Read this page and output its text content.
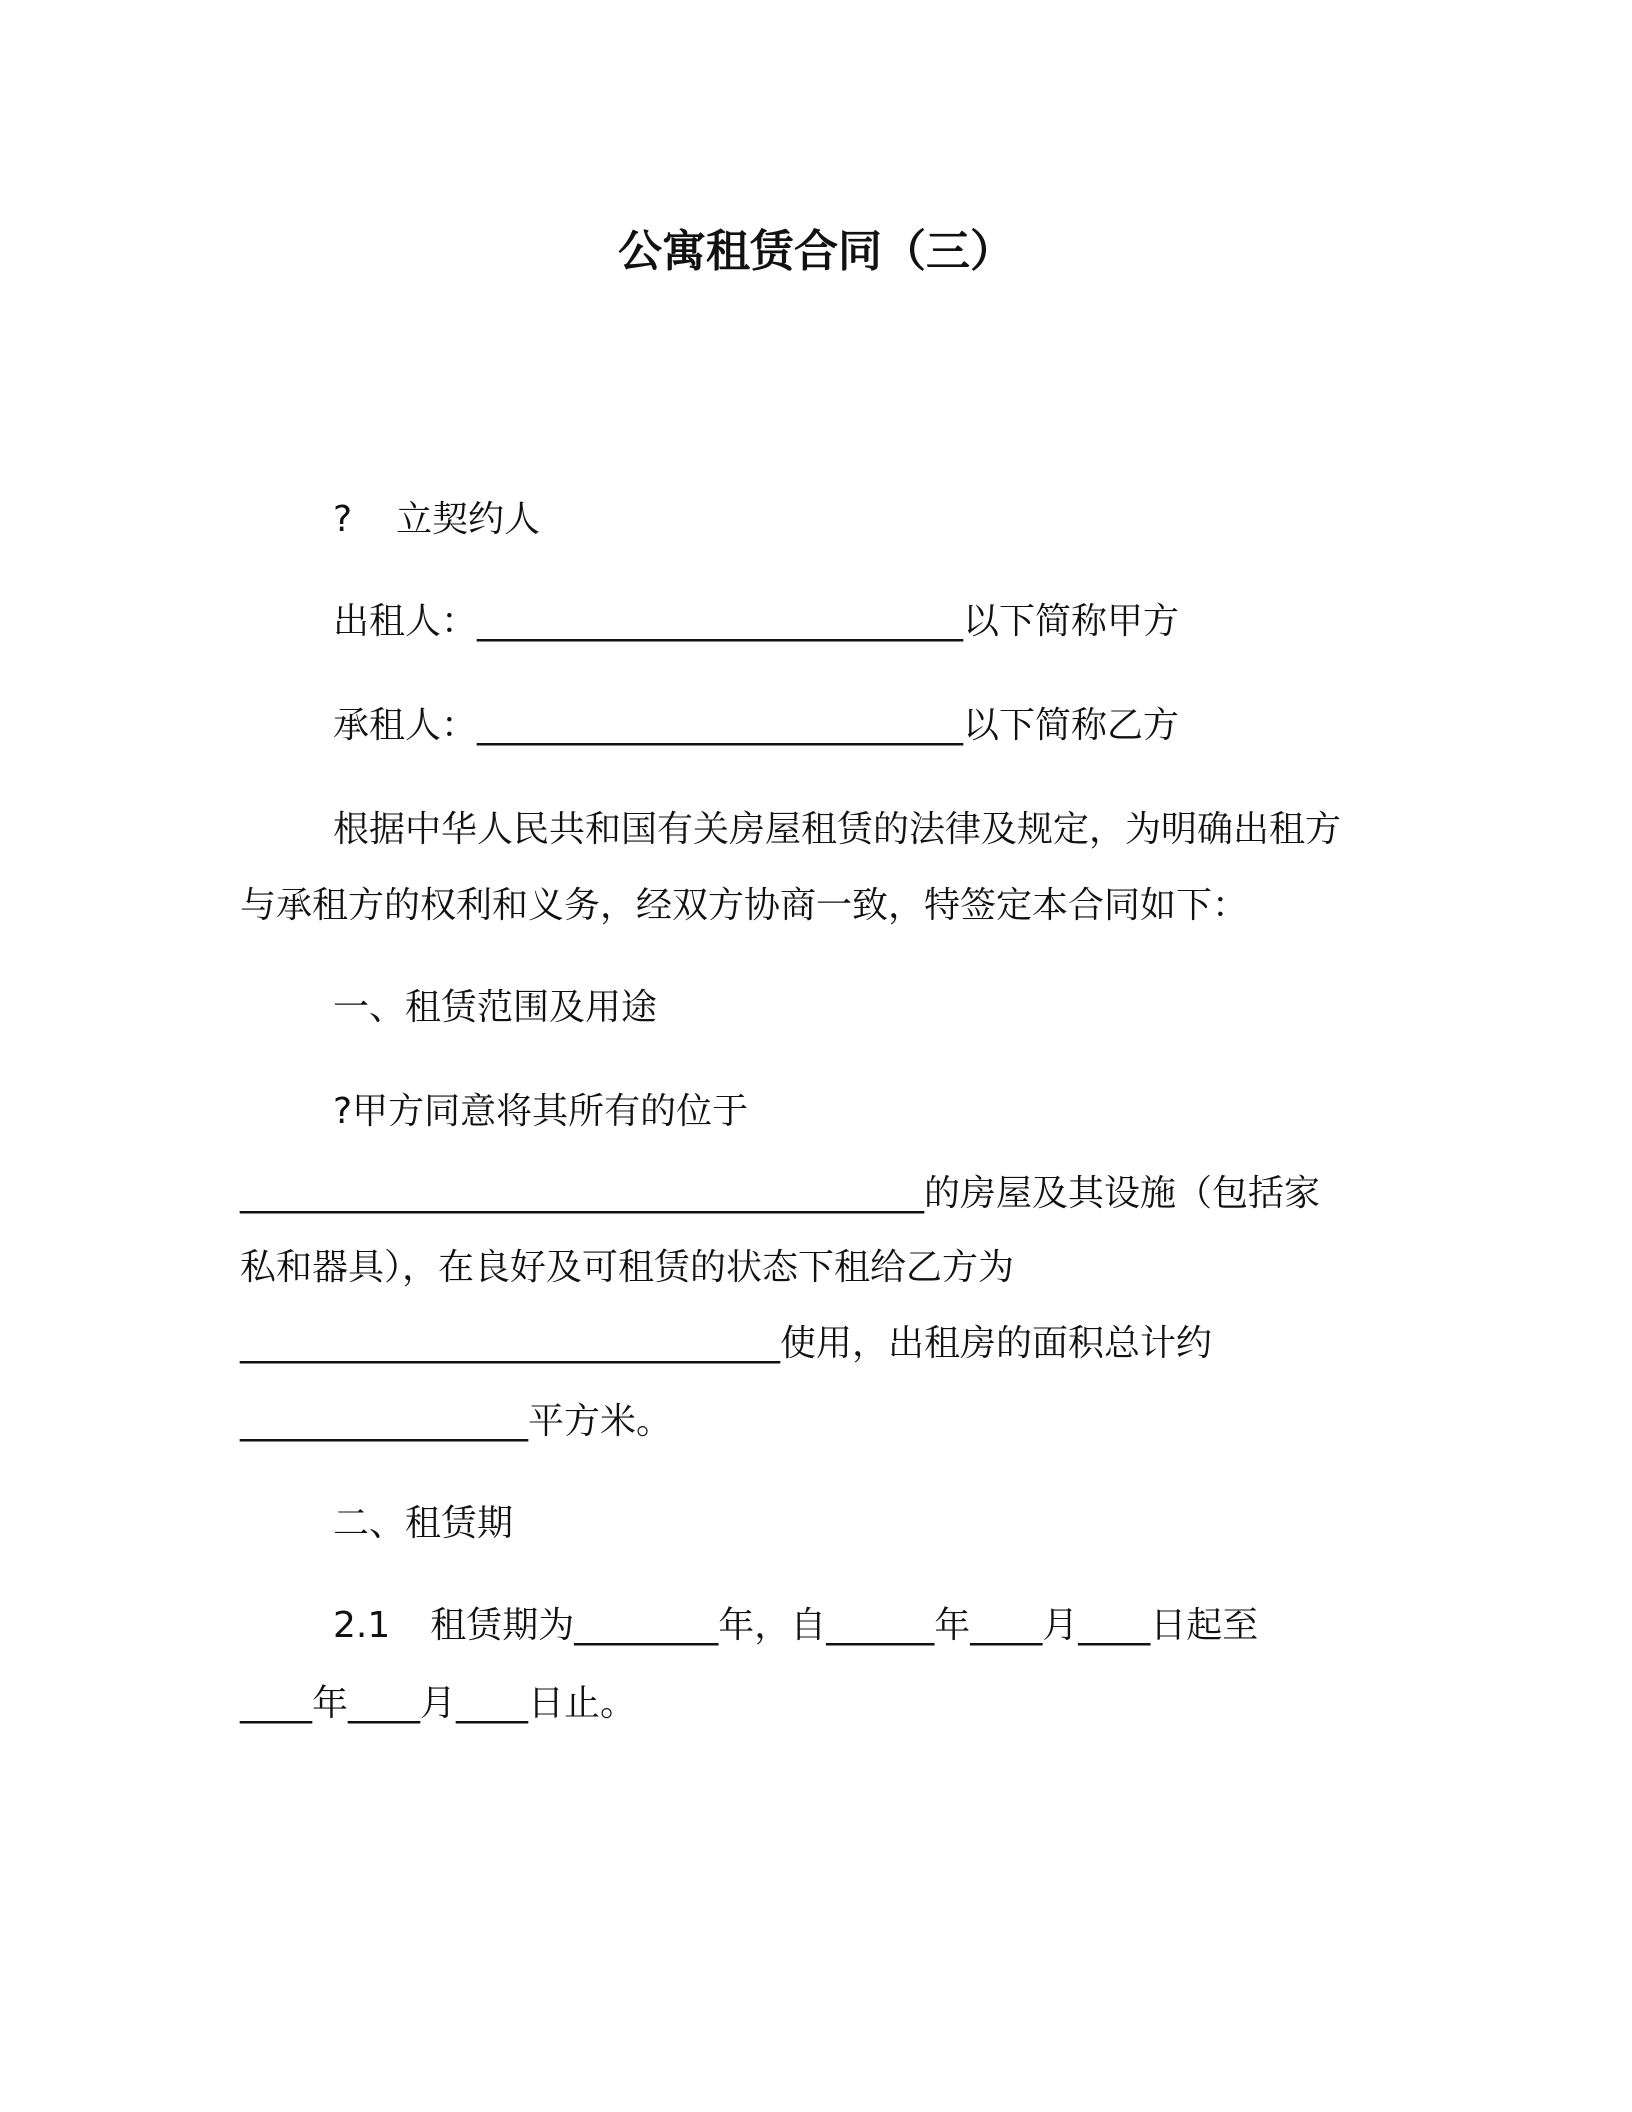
公寓租赁合同（三）
? 立契约人
出租人：___________________________以下简称甲方
承租人：___________________________以下简称乙方
根据中华人民共和国有关房屋租赁的法律及规定，为明确出租方
与承租方的权利和义务，经双方协商一致，特签定本合同如下：
一、租赁范围及用途
?甲方同意将其所有的位于
______________________________________的房屋及其设施（包括家
私和器具），在良好及可租赁的状态下租给乙方为
______________________________使用，出租房的面积总计约
________________平方米。
二、租赁期
2.1 租赁期为________年，自______年____月____日起至
____年____月____日止。
